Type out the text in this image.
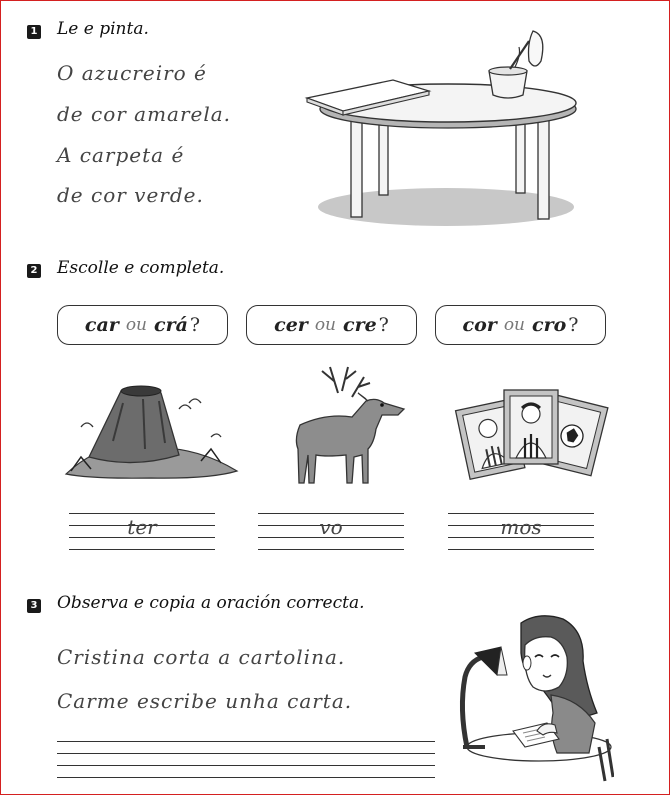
1 Le e pinta.
O azucreiro é
de cor amarela.
A carpeta é
de cor verde.
2 Escolle e completa.
car ou crá ?	cer ou cre ?	cor ou cro ?
ter	vo	mos
3 Observa e copia a oración correcta.
Cristina corta a cartolina.
Carme escribe unha carta.
